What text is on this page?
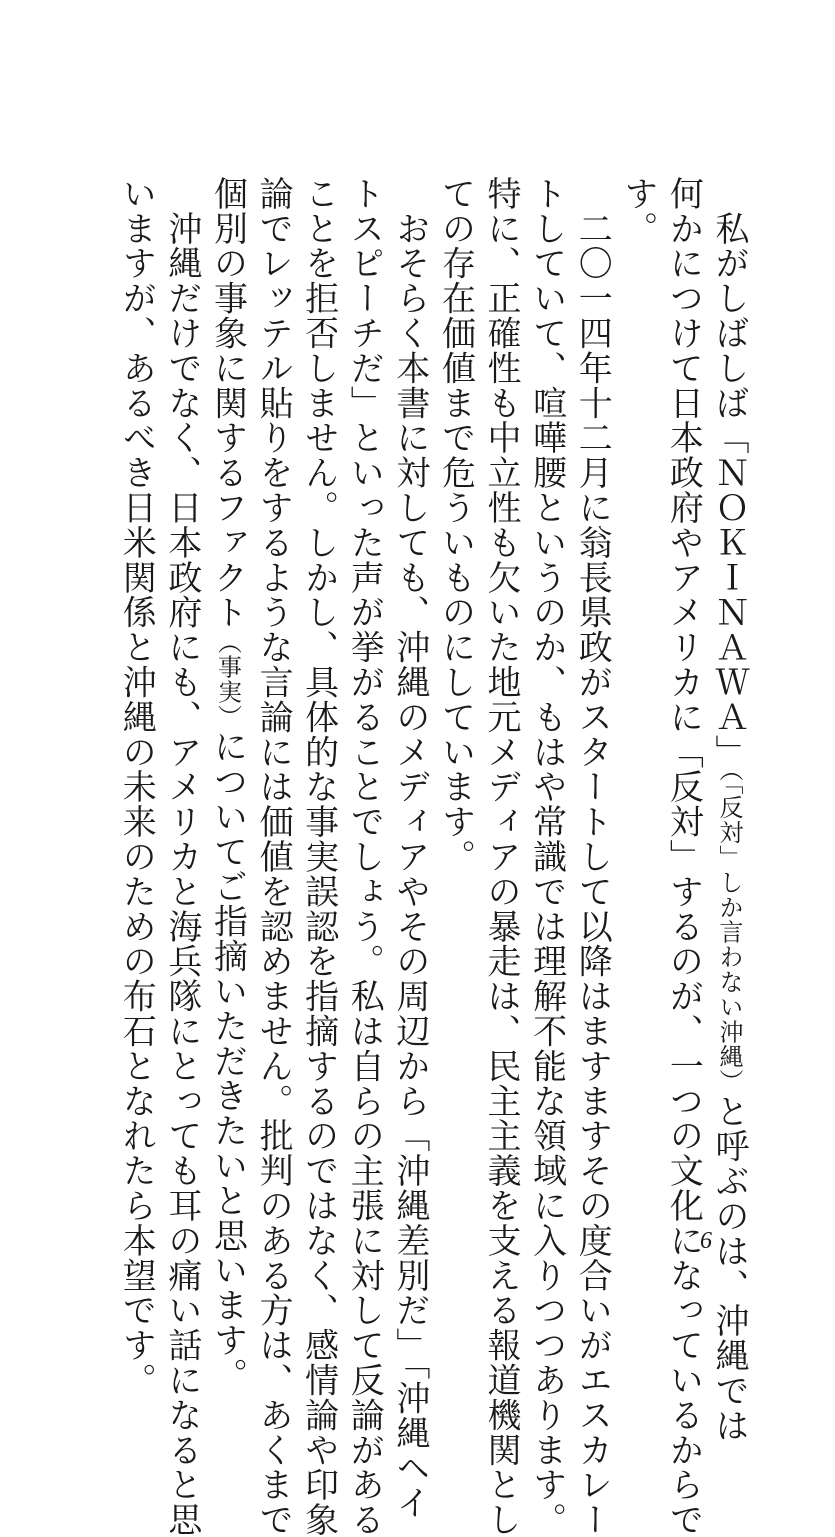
　私がしばしば「ＮＯＫＩＮＡＷＡ」（「反対」しか言わない沖縄）と呼ぶのは、沖縄では
何かにつけて日本政府やアメリカに「反対」するのが、一つの文化になっているからで
す。
　二〇一四年十二月に翁長県政がスタートして以降はますますその度合いがエスカレー
トしていて、喧嘩腰というのか、もはや常識では理解不能な領域に入りつつあります。
特に、正確性も中立性も欠いた地元メディアの暴走は、民主主義を支える報道機関とし
ての存在価値まで危ういものにしています。
　おそらく本書に対しても、沖縄のメディアやその周辺から「沖縄差別だ」「沖縄ヘイ
トスピーチだ」といった声が挙がることでしょう。私は自らの主張に対して反論がある
ことを拒否しません。しかし、具体的な事実誤認を指摘するのではなく、感情論や印象
論でレッテル貼りをするような言論には価値を認めません。批判のある方は、あくまで
個別の事象に関するファクト（事実）についてご指摘いただきたいと思います。
　沖縄だけでなく、日本政府にも、アメリカと海兵隊にとっても耳の痛い話になると思
いますが、あるべき日米関係と沖縄の未来のための布石となれたら本望です。	6
